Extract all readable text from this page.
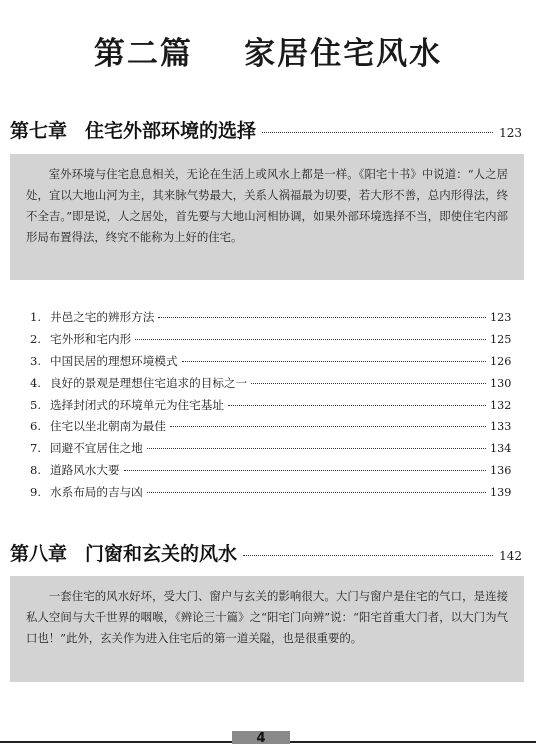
第二篇    家居住宅风水
第七章 住宅外部环境的选择	123
室外环境与住宅息息相关，无论在生活上或风水上都是一样。《阳宅十书》中说道：“人之居处，宜以大地山河为主，其来脉气势最大，关系人祸福最为切要，若大形不善，总内形得法，终不全吉。”即是说，人之居处，首先要与大地山河相协调，如果外部环境选择不当，即使住宅内部形局布置得法，终究不能称为上好的住宅。
1. 井邑之宅的辨形方法	123
2. 宅外形和宅内形	125
3. 中国民居的理想环境模式	126
4. 良好的景观是理想住宅追求的目标之一	130
5. 选择封闭式的环境单元为住宅基址	132
6. 住宅以坐北朝南为最佳	133
7. 回避不宜居住之地	134
8. 道路风水大要	136
9. 水系布局的吉与凶	139
第八章 门窗和玄关的风水	142
一套住宅的风水好坏，受大门、窗户与玄关的影响很大。大门与窗户是住宅的气口，是连接私人空间与大千世界的咽喉，《辨论三十篇》之“阳宅门向辨”说：“阳宅首重大门者，以大门为气口也！”此外，玄关作为进入住宅后的第一道关隘，也是很重要的。
4
